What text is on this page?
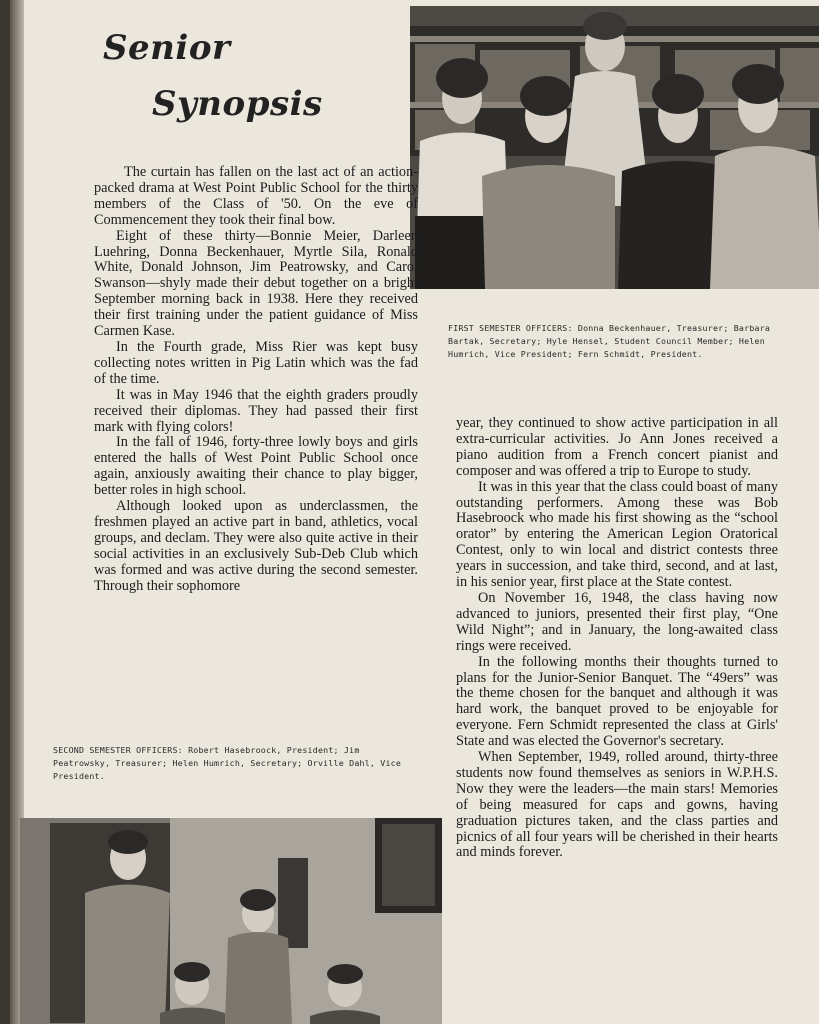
Senior
Synopsis
FIRST SEMESTER OFFICERS: Donna Beckenhauer, Treasurer; Barbara Bartak, Secretary; Hyle Hensel, Student Council Member; Helen Humrich, Vice President; Fern Schmidt, President.

The curtain has fallen on the last act of an action-packed drama at West Point Public School for the thirty members of the Class of '50. On the eve of Commencement they took their final bow.

Eight of these thirty—Bonnie Meier, Darleen Luehring, Donna Beckenhauer, Myrtle Sila, Ronald White, Donald Johnson, Jim Peatrowsky, and Carol Swanson—shyly made their debut together on a bright September morning back in 1938. Here they received their first training under the patient guidance of Miss Carmen Kase.

In the Fourth grade, Miss Rier was kept busy collecting notes written in Pig Latin which was the fad of the time.

It was in May 1946 that the eighth graders proudly received their diplomas. They had passed their first mark with flying colors!

In the fall of 1946, forty-three lowly boys and girls entered the halls of West Point Public School once again, anxiously awaiting their chance to play bigger, better roles in high school.

Although looked upon as underclassmen, the freshmen played an active part in band, athletics, vocal groups, and declam. They were also quite active in their social activities in an exclusively Sub-Deb Club which was formed and was active during the second semester. Through their sophomore

year, they continued to show active participation in all extra-curricular activities. Jo Ann Jones received a piano audition from a French concert pianist and composer and was offered a trip to Europe to study.

It was in this year that the class could boast of many outstanding performers. Among these was Bob Hasebroock who made his first showing as the “school orator” by entering the American Legion Oratorical Contest, only to win local and district contests three years in succession, and take third, second, and at last, in his senior year, first place at the State contest.

On November 16, 1948, the class having now advanced to juniors, presented their first play, “One Wild Night”; and in January, the long-awaited class rings were received.

In the following months their thoughts turned to plans for the Junior-Senior Banquet. The “49ers” was the theme chosen for the banquet and although it was hard work, the banquet proved to be enjoyable for everyone. Fern Schmidt represented the class at Girls' State and was elected the Governor's secretary.

When September, 1949, rolled around, thirty-three students now found themselves as seniors in W.P.H.S. Now they were the leaders—the main stars! Memories of being measured for caps and gowns, having graduation pictures taken, and the class parties and picnics of all four years will be cherished in their hearts and minds forever.

SECOND SEMESTER OFFICERS: Robert Hasebroock, President; Jim Peatrowsky, Treasurer; Helen Humrich, Secretary; Orville Dahl, Vice President.
